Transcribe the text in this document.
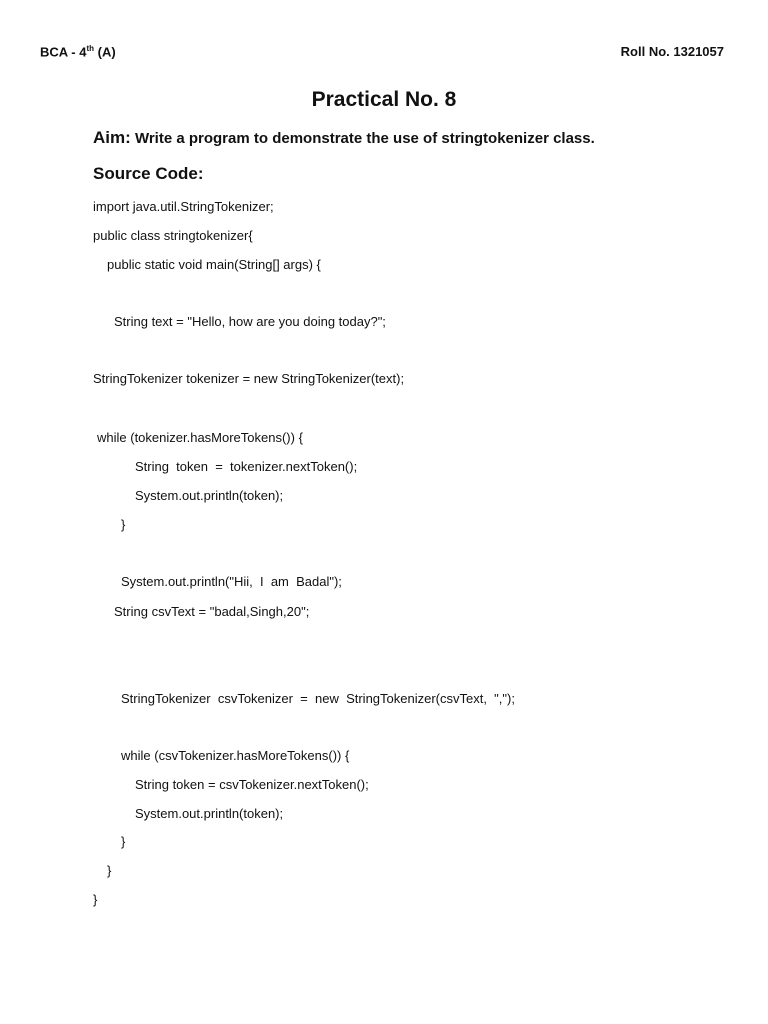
BCA - 4th (A)	Roll No. 1321057
Practical No. 8
Aim: Write a program to demonstrate the use of stringtokenizer class.
Source Code:
import java.util.StringTokenizer;
public class stringtokenizer{
public static void main(String[] args) {
String text = "Hello, how are you doing today?";
StringTokenizer tokenizer = new StringTokenizer(text);
while (tokenizer.hasMoreTokens()) {
String  token  =  tokenizer.nextToken();
System.out.println(token);
}
System.out.println("Hii,  I  am  Badal");
String csvText = "badal,Singh,20";
StringTokenizer  csvTokenizer  =  new  StringTokenizer(csvText,  ",");
while (csvTokenizer.hasMoreTokens()) {
String token = csvTokenizer.nextToken();
System.out.println(token);
}
}
}
